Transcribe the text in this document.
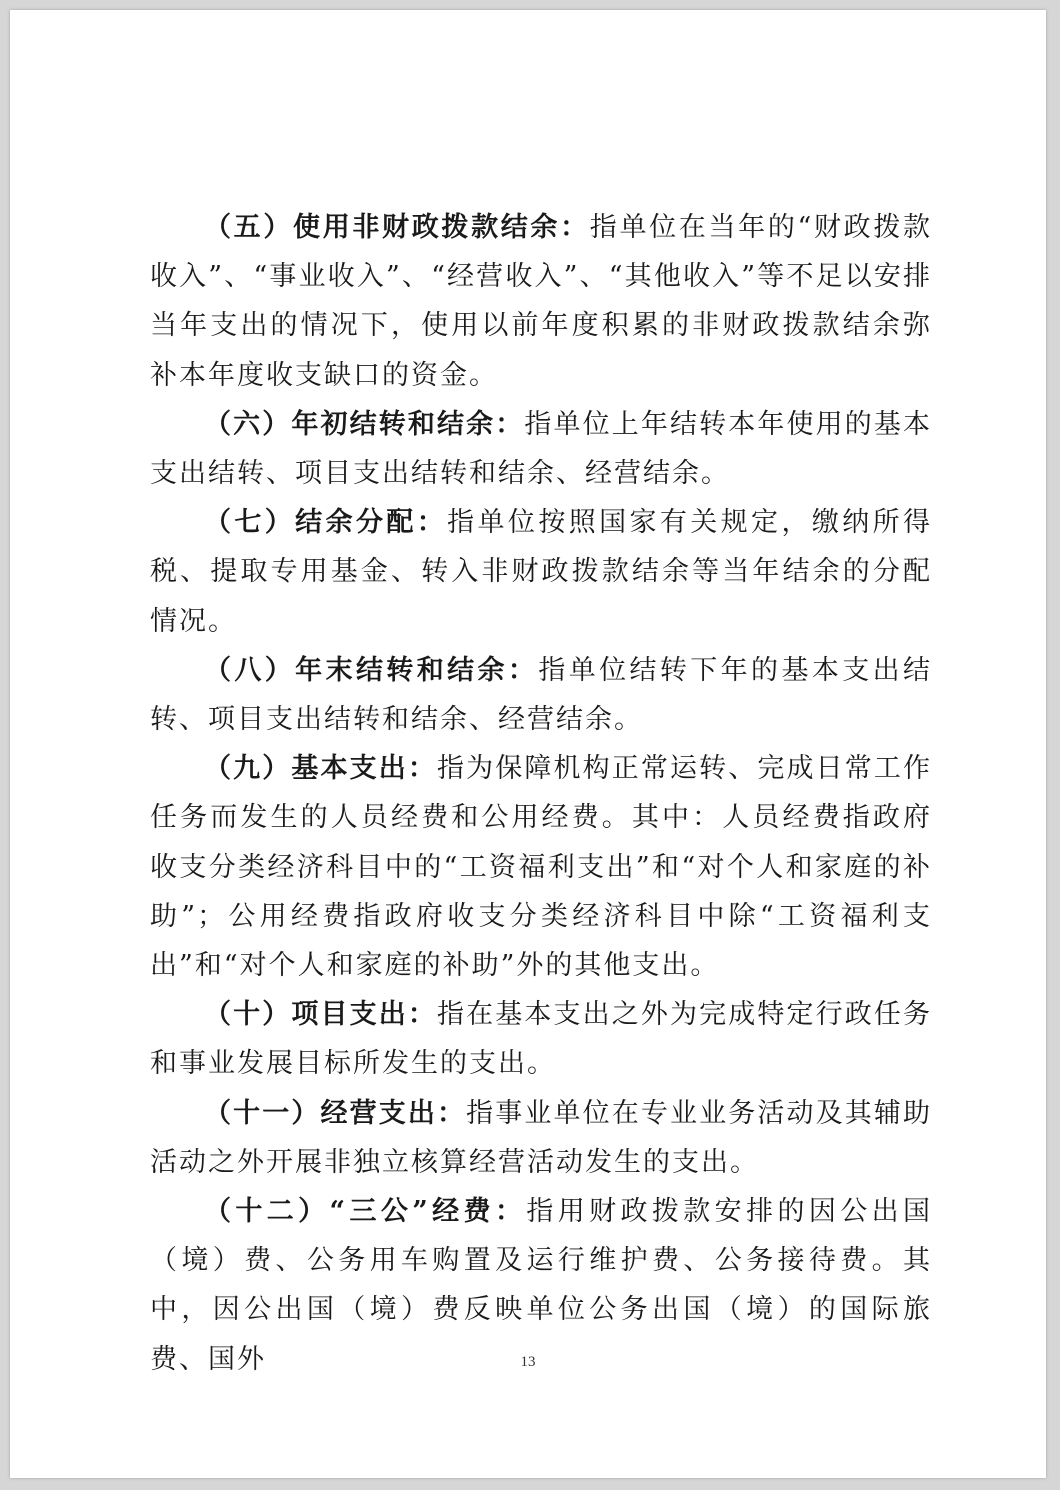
（五）使用非财政拨款结余：指单位在当年的“财政拨款收入”、“事业收入”、“经营收入”、“其他收入”等不足以安排当年支出的情况下，使用以前年度积累的非财政拨款结余弥补本年度收支缺口的资金。

（六）年初结转和结余：指单位上年结转本年使用的基本支出结转、项目支出结转和结余、经营结余。

（七）结余分配：指单位按照国家有关规定，缴纳所得税、提取专用基金、转入非财政拨款结余等当年结余的分配情况。

（八）年末结转和结余：指单位结转下年的基本支出结转、项目支出结转和结余、经营结余。

（九）基本支出：指为保障机构正常运转、完成日常工作任务而发生的人员经费和公用经费。其中：人员经费指政府收支分类经济科目中的“工资福利支出”和“对个人和家庭的补助”；公用经费指政府收支分类经济科目中除“工资福利支出”和“对个人和家庭的补助”外的其他支出。

（十）项目支出：指在基本支出之外为完成特定行政任务和事业发展目标所发生的支出。

（十一）经营支出：指事业单位在专业业务活动及其辅助活动之外开展非独立核算经营活动发生的支出。

（十二）“三公”经费：指用财政拨款安排的因公出国（境）费、公务用车购置及运行维护费、公务接待费。其中，因公出国（境）费反映单位公务出国（境）的国际旅费、国外	13
